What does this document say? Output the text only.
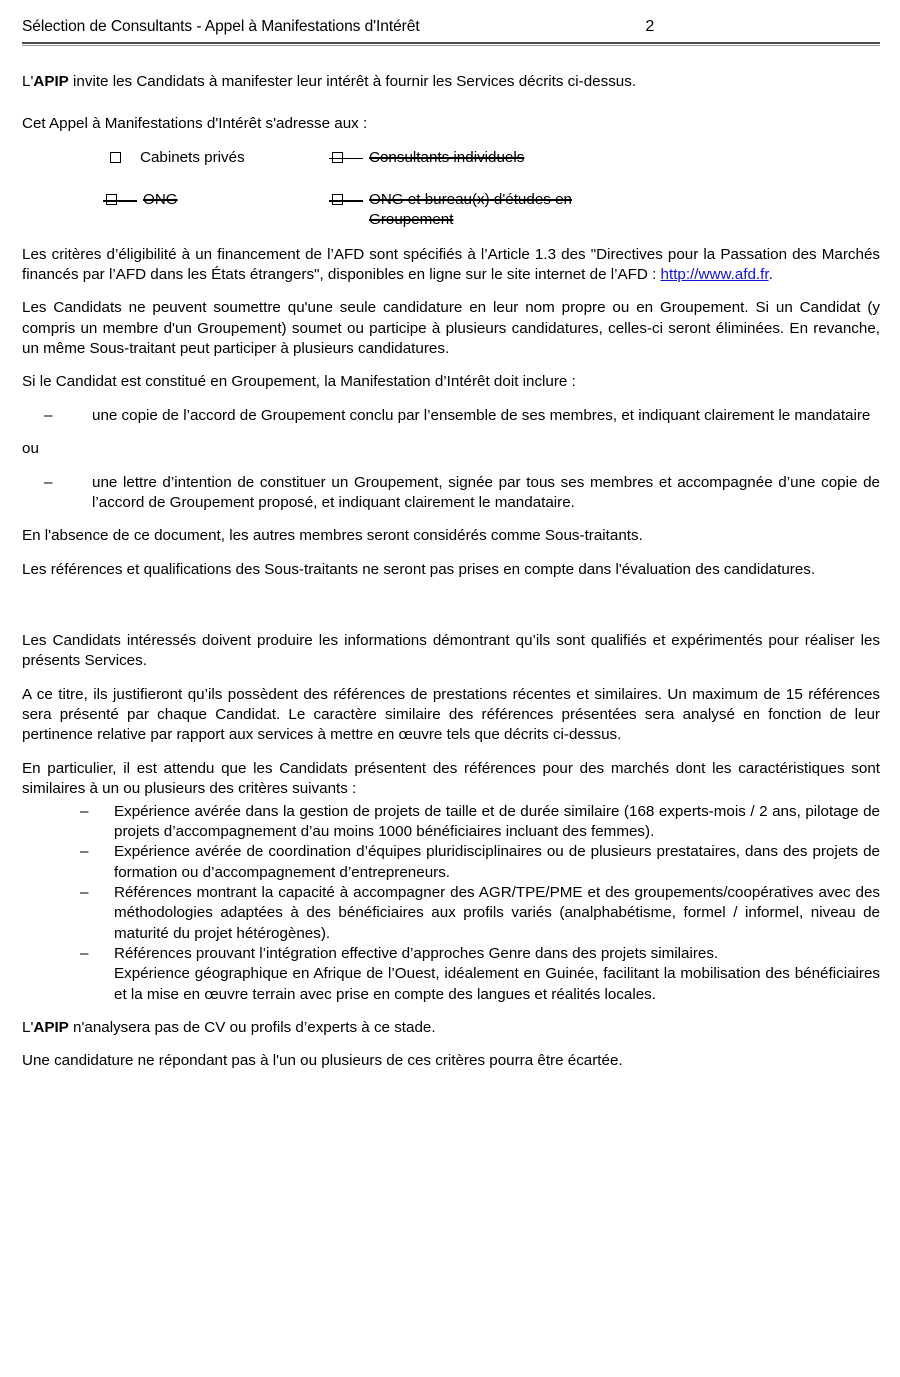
Sélection de Consultants - Appel à Manifestations d'Intérêt	2

L'APIP invite les Candidats à manifester leur intérêt à fournir les Services décrits ci-dessus.

Cet Appel à Manifestations d'Intérêt s'adresse aux :

Cabinets privés	Consultants individuels
ONG	ONG et bureau(x) d'études en Groupement

Les critères d’éligibilité à un financement de l’AFD sont spécifiés à l’Article 1.3 des "Directives pour la Passation des Marchés financés par l’AFD dans les États étrangers", disponibles en ligne sur le site internet de l’AFD : http://www.afd.fr.

Les Candidats ne peuvent soumettre qu'une seule candidature en leur nom propre ou en Groupement. Si un Candidat (y compris un membre d'un Groupement) soumet ou participe à plusieurs candidatures, celles-ci seront éliminées. En revanche, un même Sous-traitant peut participer à plusieurs candidatures.

Si le Candidat est constitué en Groupement, la Manifestation d’Intérêt doit inclure :

– une copie de l’accord de Groupement conclu par l’ensemble de ses membres, et indiquant clairement le mandataire

ou

– une lettre d’intention de constituer un Groupement, signée par tous ses membres et accompagnée d’une copie de l’accord de Groupement proposé, et indiquant clairement le mandataire.

En l'absence de ce document, les autres membres seront considérés comme Sous-traitants.

Les références et qualifications des Sous-traitants ne seront pas prises en compte dans l'évaluation des candidatures.

Les Candidats intéressés doivent produire les informations démontrant qu’ils sont qualifiés et expérimentés pour réaliser les présents Services.

A ce titre, ils justifieront qu’ils possèdent des références de prestations récentes et similaires. Un maximum de 15 références sera présenté par chaque Candidat. Le caractère similaire des références présentées sera analysé en fonction de leur pertinence relative par rapport aux services à mettre en œuvre tels que décrits ci-dessus.

En particulier, il est attendu que les Candidats présentent des références pour des marchés dont les caractéristiques sont similaires à un ou plusieurs des critères suivants :

– Expérience avérée dans la gestion de projets de taille et de durée similaire (168 experts-mois / 2 ans, pilotage de projets d’accompagnement d’au moins 1000 bénéficiaires incluant des femmes).
– Expérience avérée de coordination d’équipes pluridisciplinaires ou de plusieurs prestataires, dans des projets de formation ou d’accompagnement d’entrepreneurs.
– Références montrant la capacité à accompagner des AGR/TPE/PME et des groupements/coopératives avec des méthodologies adaptées à des bénéficiaires aux profils variés (analphabétisme, formel / informel, niveau de maturité du projet hétérogènes).
– Références prouvant l’intégration effective d’approches Genre dans des projets similaires.
Expérience géographique en Afrique de l’Ouest, idéalement en Guinée, facilitant la mobilisation des bénéficiaires et la mise en œuvre terrain avec prise en compte des langues et réalités locales.

L'APIP n'analysera pas de CV ou profils d’experts à ce stade.

Une candidature ne répondant pas à l'un ou plusieurs de ces critères pourra être écartée.
